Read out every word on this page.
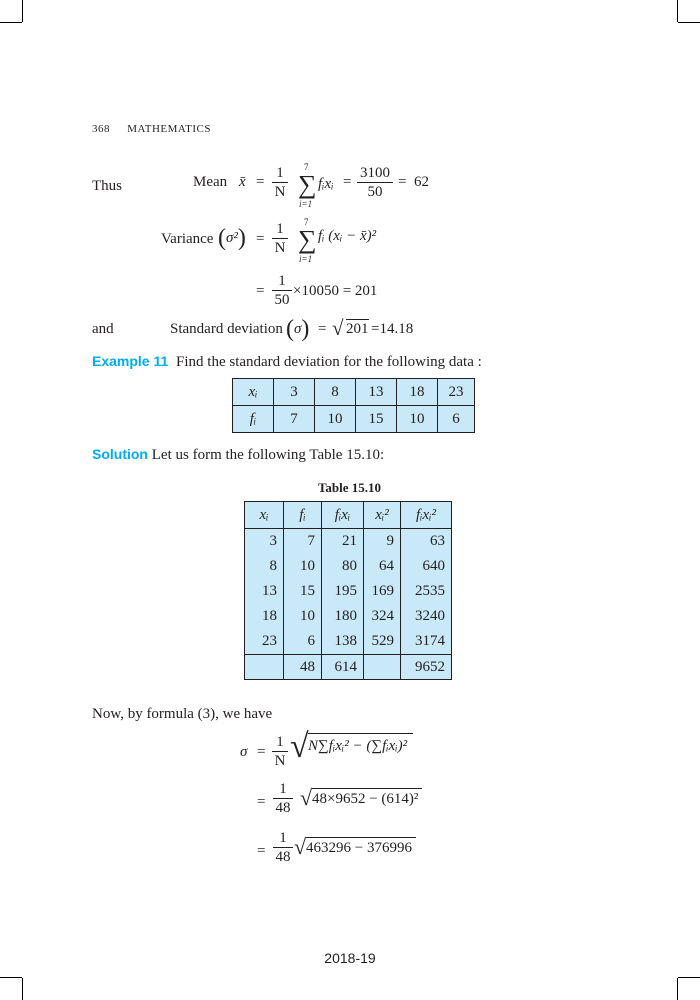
368 MATHEMATICS
Thus	Mean x̄ =
1
N
7
∑
i=1
fᵢxᵢ =
3100
50
= 62
Variance (σ²) =
1
N
7
∑
i=1
fᵢ (xᵢ − x̄)²
=
1
50
×10050 = 201
and	Standard deviation (σ) = √ 201 =14.18
Example 11 Find the standard deviation for the following data :
xᵢ	3	8	13	18	23
fᵢ	7	10	15	10	6
Solution Let us form the following Table 15.10:
Table 15.10
xᵢ	fᵢ	fᵢxᵢ	xᵢ²	fᵢxᵢ²
3	7	21	9	63
8	10	80	64	640
13	15	195	169	2535
18	10	180	324	3240
23	6	138	529	3174
	48	614		9652
Now, by formula (3), we have
σ =
1
N √ N∑fᵢxᵢ² − (∑fᵢxᵢ)²
=
1
48 √ 48×9652 − (614)²
=
1
48 √ 463296 − 376996
2018-19
